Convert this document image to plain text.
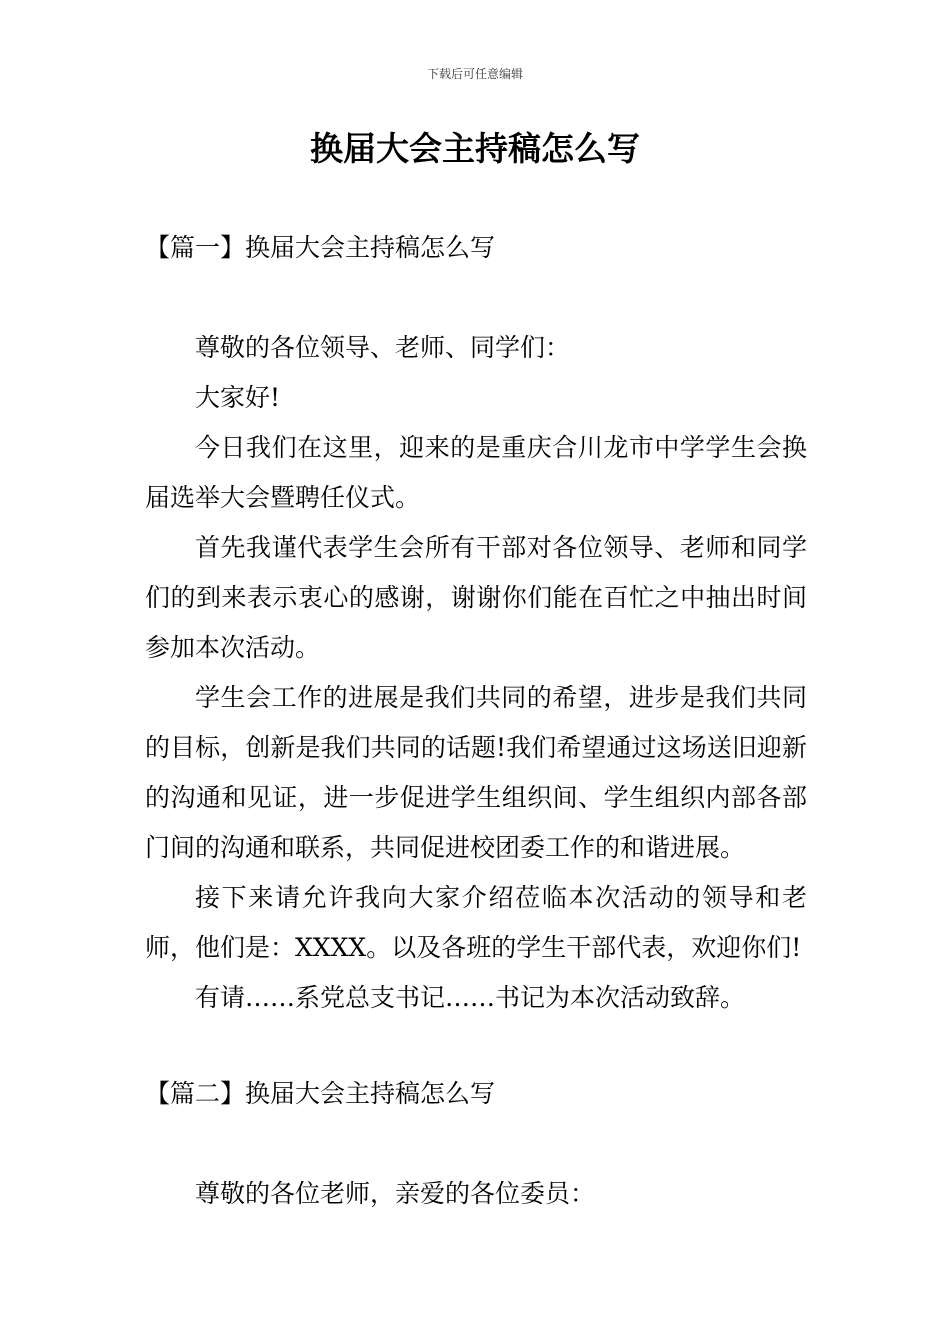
下载后可任意编辑
换届大会主持稿怎么写
【篇一】换届大会主持稿怎么写

尊敬的各位领导、老师、同学们：

大家好!

今日我们在这里，迎来的是重庆合川龙市中学学生会换届选举大会暨聘任仪式。

首先我谨代表学生会所有干部对各位领导、老师和同学们的到来表示衷心的感谢，谢谢你们能在百忙之中抽出时间参加本次活动。

学生会工作的进展是我们共同的希望，进步是我们共同的目标，创新是我们共同的话题!我们希望通过这场送旧迎新的沟通和见证，进一步促进学生组织间、学生组织内部各部门间的沟通和联系，共同促进校团委工作的和谐进展。

接下来请允许我向大家介绍莅临本次活动的领导和老师，他们是：XXXX。以及各班的学生干部代表，欢迎你们!

有请……系党总支书记……书记为本次活动致辞。

【篇二】换届大会主持稿怎么写

尊敬的各位老师，亲爱的各位委员：
